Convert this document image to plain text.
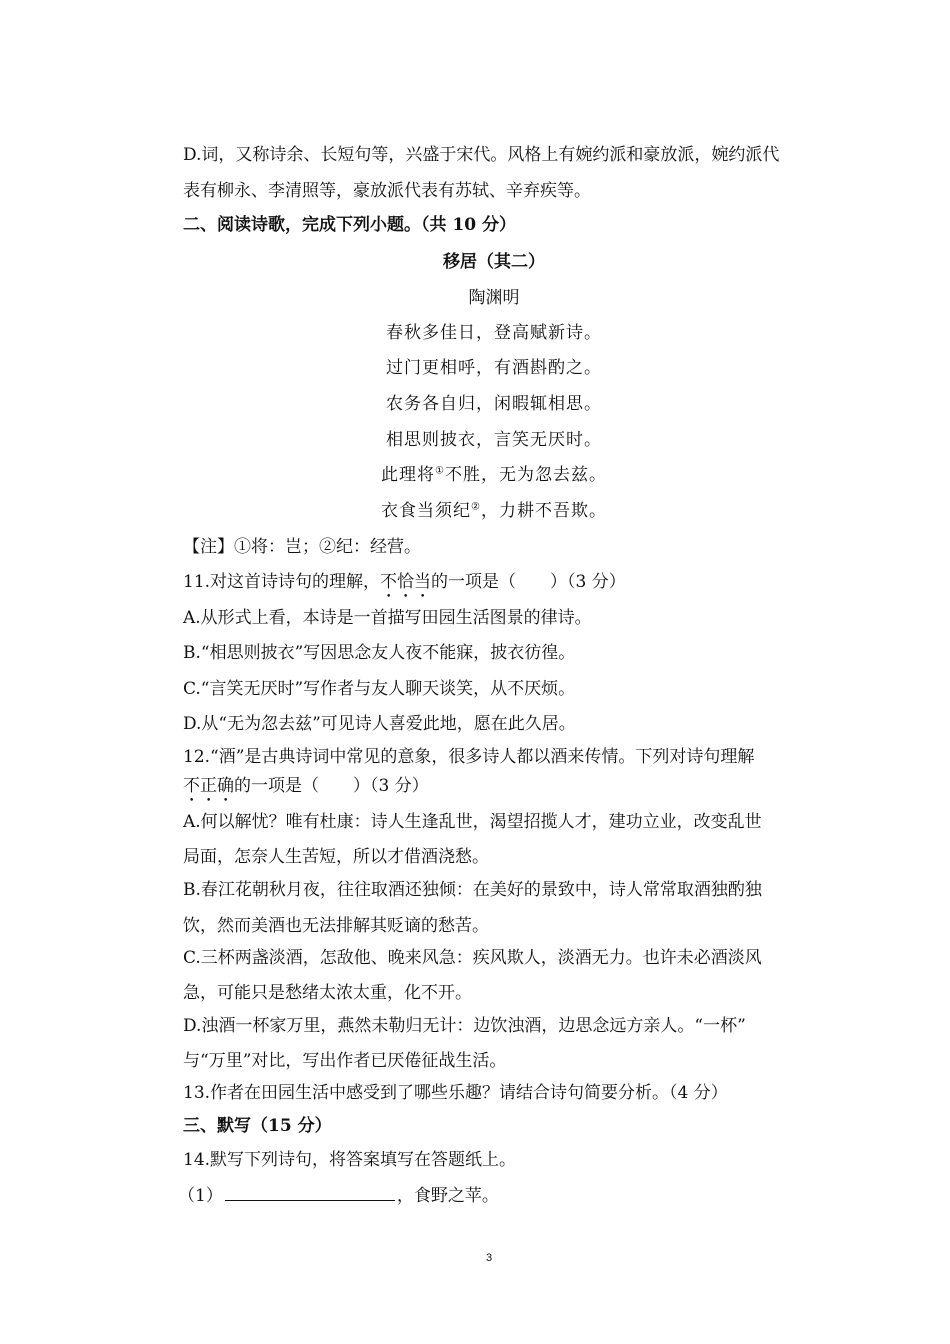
D.词，又称诗余、长短句等，兴盛于宋代。风格上有婉约派和豪放派，婉约派代
表有柳永、李清照等，豪放派代表有苏轼、辛弃疾等。
二、阅读诗歌，完成下列小题。（共 10 分）
移居（其二）
陶渊明
春秋多佳日，登高赋新诗。
过门更相呼，有酒斟酌之。
农务各自归，闲暇辄相思。
相思则披衣，言笑无厌时。
此理将①不胜，无为忽去兹。
衣食当须纪②，力耕不吾欺。
【注】①将：岂；②纪：经营。
11.对这首诗诗句的理解，不恰当的一项是（　　）（3 分）
A.从形式上看，本诗是一首描写田园生活图景的律诗。
B.“相思则披衣”写因思念友人夜不能寐，披衣彷徨。
C.“言笑无厌时”写作者与友人聊天谈笑，从不厌烦。
D.从“无为忽去兹”可见诗人喜爱此地，愿在此久居。
12.“酒”是古典诗词中常见的意象，很多诗人都以酒来传情。下列对诗句理解
不正确的一项是（　　）（3 分）
A.何以解忧？唯有杜康：诗人生逢乱世，渴望招揽人才，建功立业，改变乱世
局面，怎奈人生苦短，所以才借酒浇愁。
B.春江花朝秋月夜，往往取酒还独倾：在美好的景致中，诗人常常取酒独酌独
饮，然而美酒也无法排解其贬谪的愁苦。
C.三杯两盏淡酒，怎敌他、晚来风急：疾风欺人，淡酒无力。也许未必酒淡风
急，可能只是愁绪太浓太重，化不开。
D.浊酒一杯家万里，燕然未勒归无计：边饮浊酒，边思念远方亲人。“一杯”
与“万里”对比，写出作者已厌倦征战生活。
13.作者在田园生活中感受到了哪些乐趣？请结合诗句简要分析。（4 分）
三、默写（15 分）
14.默写下列诗句，将答案填写在答题纸上。
（1）	，食野之苹。
3
